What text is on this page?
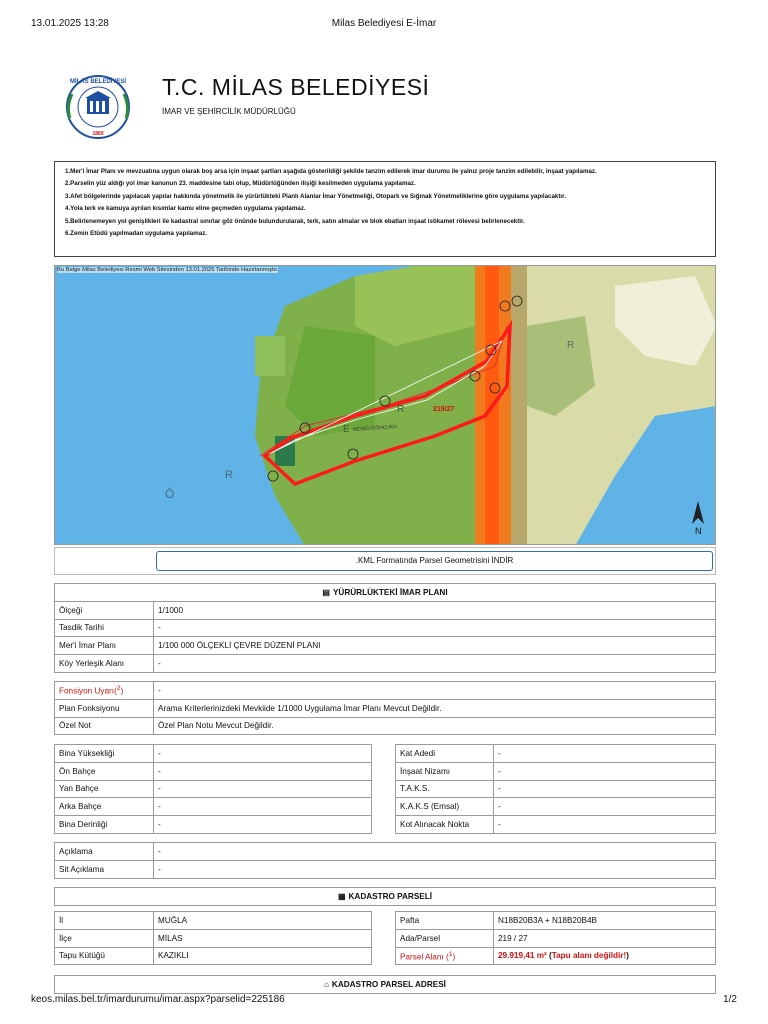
13.01.2025 13:28	Milas Belediyesi E-İmar
MİLAS BELEDİYESİ
1869
T.C. MİLAS BELEDİYESİ
İMAR VE ŞEHİRCİLİK MÜDÜRLÜĞÜ
1.Mer'i İmar Planı ve mevzuatına uygun olarak boş arsa için inşaat şartları aşağıda gösterildiği şekilde tanzim edilerek imar durumu ile yalnız proje tanzim edilebilir, inşaat yapılamaz.
2.Parselin yüz aldığı yol imar kanunun 23. maddesine tabi olup, Müdürlüğünden ilişiği kesilmeden uygulama yapılamaz.
3.Afet bölgelerinde yapılacak yapılar hakkında yönetmelik ile yürürlükteki Planlı Alanlar İmar Yönetmeliği, Otopark ve Sığınak Yönetmeliklerine göre uygulama yapılacaktır.
4.Yola terk ve kamuya ayrılan kısımlar kamu eline geçmeden uygulama yapılamaz.
5.Belirlenemeyen yol genişlikleri ile kadastral sınırlar göz önünde bulundurularak, terk, satın almalar ve blok ebatları inşaat istikamet rölevesi belirlenecektir.
6.Zemin Etüdü yapılmadan uygulama yapılamaz.
Bu Belge Milas Belediyesi Resmi Web Sitesinden 13.01.2025 Tarihinde Hazırlanmıştır.
219/27
MENEK/ŞÖHÇUKU
Ö
R
E
R
R
N
.KML Formatında Parsel Geometrisini İNDİR
▤ YÜRÜRLÜKTEKİ İMAR PLANI	
Ölçeği	1/1000
Tasdik Tarihi	-
Mer'i İmar Planı	1/100 000 ÖLÇEKLİ ÇEVRE DÜZENİ PLANI
Köy Yerleşik Alanı	-
Fonsiyon Uyarı($^2$)	-
Plan Fonksiyonu	Arama Kriterlerinizdeki Mevkiide 1/1000 Uygulama İmar Planı Mevcut Değildir.
Özel Not	Özel Plan Notu Mevcut Değildir.
Bina Yüksekliği	-
Ön Bahçe	-
Yan Bahçe	-
Arka Bahçe	-
Bina Derinliği	-
Kat Adedi	-
İnşaat Nizamı	-
T.A.K.S.	-
K.A.K.S (Emsal)	-
Kot Alınacak Nokta	-
Açıklama	-
Sit Açıklama	-
▦ KADASTRO PARSELİ
İl	MUĞLA
İlçe	MİLAS
Tapu Kütüğü	KAZIKLI
Pafta	N18B20B3A + N18B20B4B
Ada/Parsel	219 / 27
Parsel Alanı ($^1$)	29.919,41 m² (Tapu alanı değildir!)
⌂ KADASTRO PARSEL ADRESİ
keos.milas.bel.tr/imardurumu/imar.aspx?parselid=225186	1/2
